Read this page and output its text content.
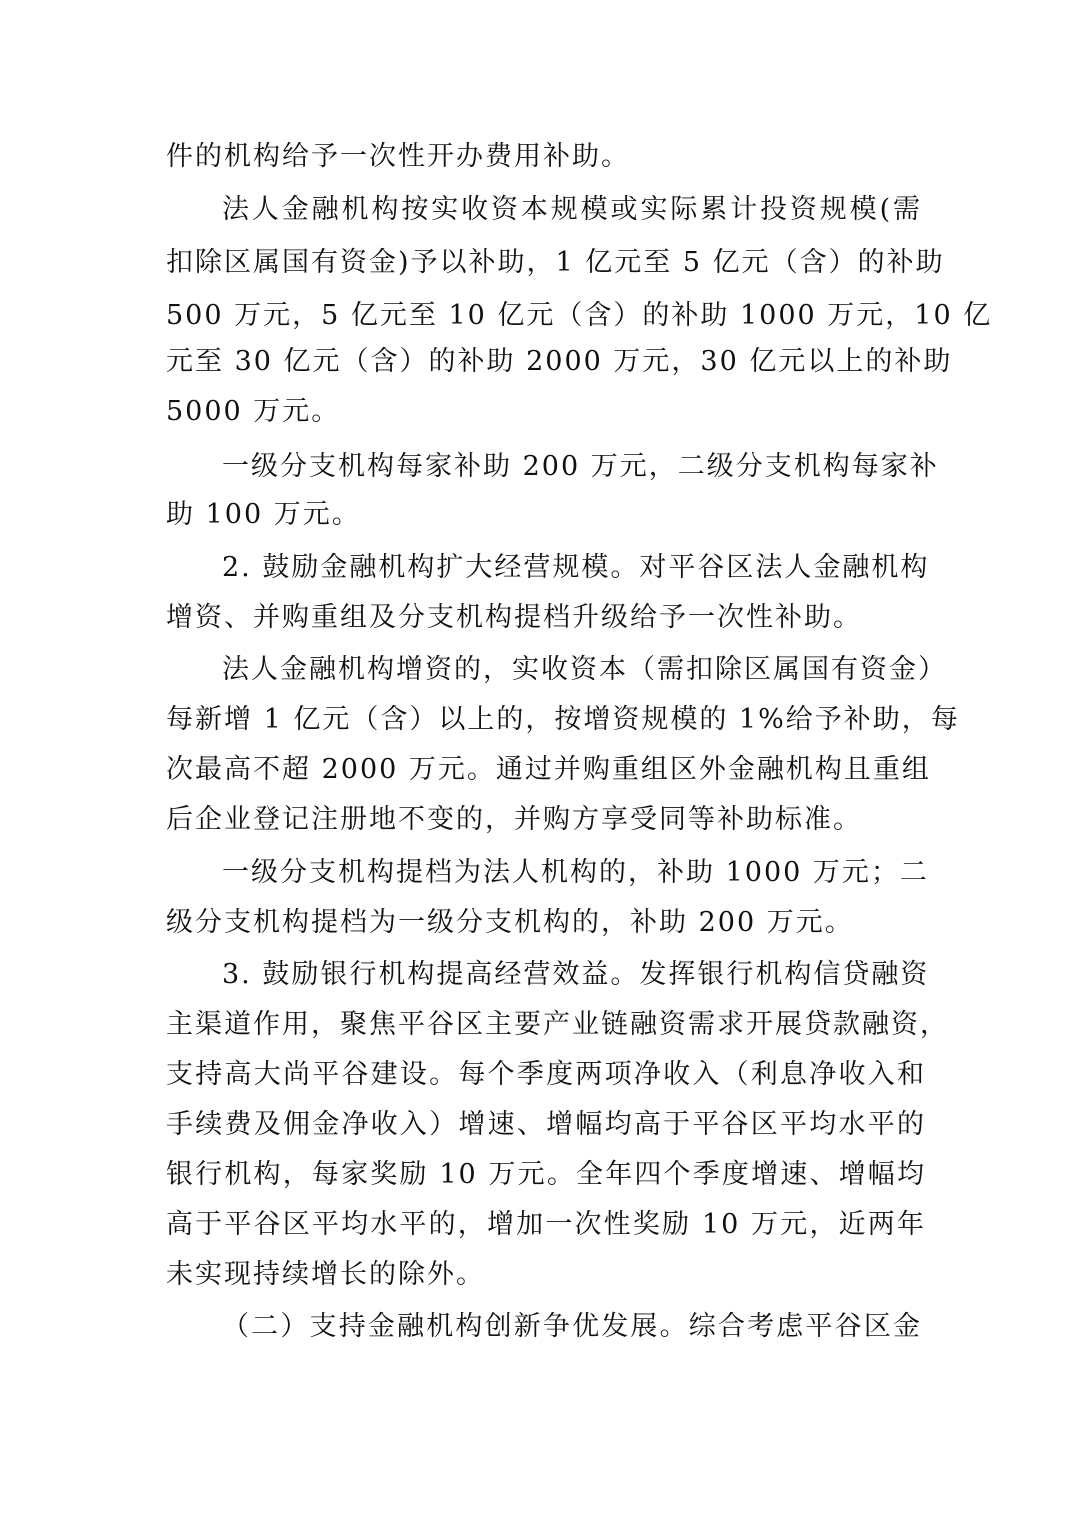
件的机构给予一次性开办费用补助。
法人金融机构按实收资本规模或实际累计投资规模(需
扣除区属国有资金)予以补助，1 亿元至 5 亿元（含）的补助
500 万元，5 亿元至 10 亿元（含）的补助 1000 万元，10 亿
元至 30 亿元（含）的补助 2000 万元，30 亿元以上的补助
5000 万元。
一级分支机构每家补助 200 万元，二级分支机构每家补
助 100 万元。
2. 鼓励金融机构扩大经营规模。对平谷区法人金融机构
增资、并购重组及分支机构提档升级给予一次性补助。
法人金融机构增资的，实收资本（需扣除区属国有资金）
每新增 1 亿元（含）以上的，按增资规模的 1%给予补助，每
次最高不超 2000 万元。通过并购重组区外金融机构且重组
后企业登记注册地不变的，并购方享受同等补助标准。
一级分支机构提档为法人机构的，补助 1000 万元；二
级分支机构提档为一级分支机构的，补助 200 万元。
3. 鼓励银行机构提高经营效益。发挥银行机构信贷融资
主渠道作用，聚焦平谷区主要产业链融资需求开展贷款融资，
支持高大尚平谷建设。每个季度两项净收入（利息净收入和
手续费及佣金净收入）增速、增幅均高于平谷区平均水平的
银行机构，每家奖励 10 万元。全年四个季度增速、增幅均
高于平谷区平均水平的，增加一次性奖励 10 万元，近两年
未实现持续增长的除外。
（二）支持金融机构创新争优发展。综合考虑平谷区金
